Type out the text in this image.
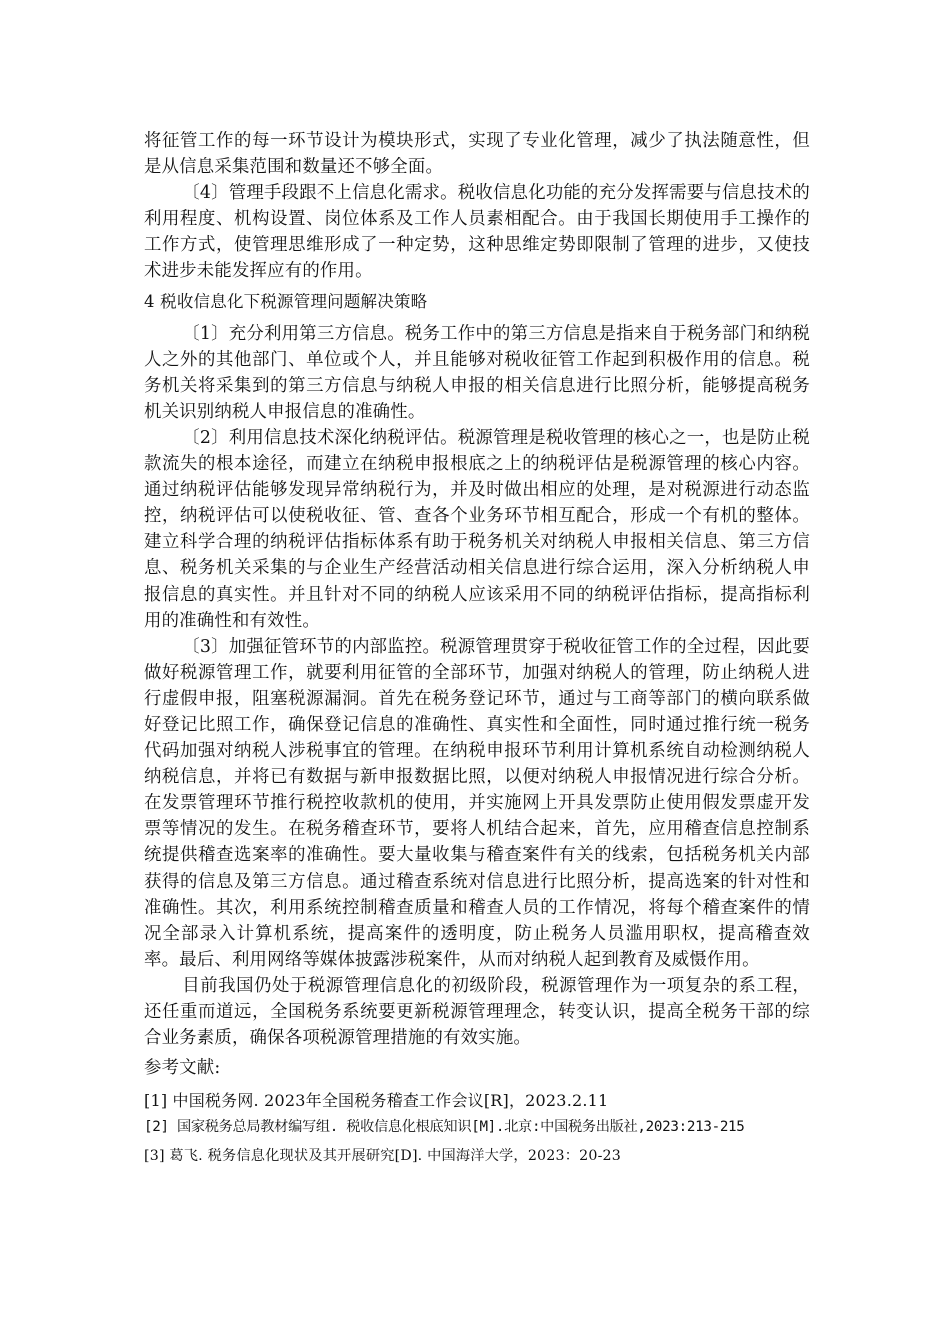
将征管工作的每一环节设计为模块形式，实现了专业化管理，减少了执法随意性，但是从信息采集范围和数量还不够全面。

〔4〕管理手段跟不上信息化需求。税收信息化功能的充分发挥需要与信息技术的利用程度、机构设置、岗位体系及工作人员素相配合。由于我国长期使用手工操作的工作方式，使管理思维形成了一种定势，这种思维定势即限制了管理的进步，又使技术进步未能发挥应有的作用。

4 税收信息化下税源管理问题解决策略

〔1〕充分利用第三方信息。税务工作中的第三方信息是指来自于税务部门和纳税人之外的其他部门、单位或个人，并且能够对税收征管工作起到积极作用的信息。税务机关将采集到的第三方信息与纳税人申报的相关信息进行比照分析，能够提高税务机关识别纳税人申报信息的准确性。

〔2〕利用信息技术深化纳税评估。税源管理是税收管理的核心之一，也是防止税款流失的根本途径，而建立在纳税申报根底之上的纳税评估是税源管理的核心内容。通过纳税评估能够发现异常纳税行为，并及时做出相应的处理，是对税源进行动态监控，纳税评估可以使税收征、管、查各个业务环节相互配合，形成一个有机的整体。建立科学合理的纳税评估指标体系有助于税务机关对纳税人申报相关信息、第三方信息、税务机关采集的与企业生产经营活动相关信息进行综合运用，深入分析纳税人申报信息的真实性。并且针对不同的纳税人应该采用不同的纳税评估指标，提高指标利用的准确性和有效性。

〔3〕加强征管环节的内部监控。税源管理贯穿于税收征管工作的全过程，因此要做好税源管理工作，就要利用征管的全部环节，加强对纳税人的管理，防止纳税人进行虚假申报，阻塞税源漏洞。首先在税务登记环节，通过与工商等部门的横向联系做好登记比照工作，确保登记信息的准确性、真实性和全面性，同时通过推行统一税务代码加强对纳税人涉税事宜的管理。在纳税申报环节利用计算机系统自动检测纳税人纳税信息，并将已有数据与新申报数据比照，以便对纳税人申报情况进行综合分析。在发票管理环节推行税控收款机的使用，并实施网上开具发票防止使用假发票虚开发票等情况的发生。在税务稽查环节，要将人机结合起来，首先，应用稽查信息控制系统提供稽查选案率的准确性。要大量收集与稽查案件有关的线索，包括税务机关内部获得的信息及第三方信息。通过稽查系统对信息进行比照分析，提高选案的针对性和准确性。其次，利用系统控制稽查质量和稽查人员的工作情况，将每个稽查案件的情况全部录入计算机系统，提高案件的透明度，防止税务人员滥用职权，提高稽查效率。最后、利用网络等媒体披露涉税案件，从而对纳税人起到教育及威慑作用。

目前我国仍处于税源管理信息化的初级阶段，税源管理作为一项复杂的系工程，还任重而道远，全国税务系统要更新税源管理理念，转变认识，提高全税务干部的综合业务素质，确保各项税源管理措施的有效实施。

参考文献:

[1] 中国税务网. 2023年全国税务稽查工作会议[R]，2023.2.11

[2] 国家税务总局教材编写组. 税收信息化根底知识[M].北京:中国税务出版社,2023:213-215

[3] 葛飞. 税务信息化现状及其开展研究[D]. 中国海洋大学，2023：20-23
